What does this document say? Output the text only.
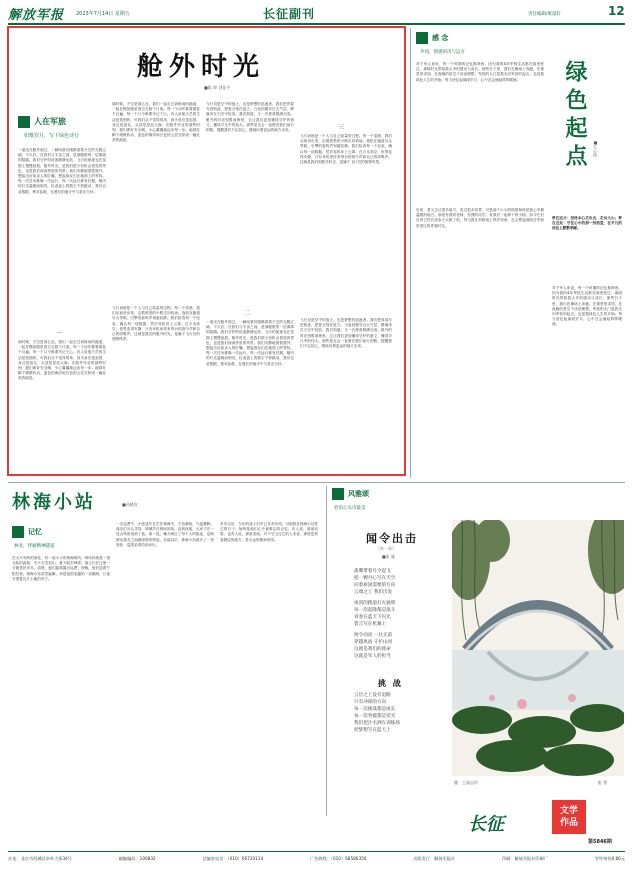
解放军报 2023年7月14日 星期五	长征副刊	责任编辑/耿道轩	12
舱外时光
■陈 坤 刘佳平
人在军旅
如歌岁月，写下绿色诗行
一道光在舱外面过，一瞬间我们眼睛看着天空的无限辽阔，不久后，在我们与宇宙之间，是那舱壁的一层薄薄的阻隔。我们守护的设备静静运转，飞行的航迹也在星图上慢慢延展。舱外时光，是我们很少有机会看见的景色，也是我们深深热爱的风景。我们安静地望着窗外，想起出征前亲人的叮嘱，想起战友们在地面上的等待。每一次任务都像一次远行，每一次远行都有归期。舱内的灯光温暖而明亮，仪表盘上的数字不停跳动，我们记录数据，核对参数，在漫长的值守中与星光为伴。
一
那时候，天空是那么近。我们一起走过训练场的跑道，一起在模拟舱里度过无数个日夜。每一个动作都要重复千百遍，每一个口令都要牢记于心。有人说航天员的生活是孤独的，可我们从不觉得孤单，因为身后是祖国，身边是战友，头顶是星辰大海。在舱外作业的那些时刻，我们系好安全绳，小心翼翼地迈出每一步。地球在脚下缓缓转动，蓝色的海洋和白色的云层交织成一幅壮美的画卷。
那时候，天空是那么近。我们一起走过训练场的跑道，一起在模拟舱里度过无数个日夜。每一个动作都要重复千百遍，每一个口令都要牢记于心。有人说航天员的生活是孤独的，可我们从不觉得孤单，因为身后是祖国，身边是战友，头顶是星辰大海。在舱外作业的那些时刻，我们系好安全绳，小心翼翼地迈出每一步。地球在脚下缓缓转动，蓝色的海洋和白色的云层交织成一幅壮美的画卷。
飞行训练是一个人与自己较量的过程。每一个清晨，我们从宿舍出发，沿着熟悉的小路走向机场。战机在跑道尽头等候，引擎的轰鸣声划破寂静。我们检查每一个仪表，确认每一项数据，然后驾机冲上云霄。在万米高空，世界变得安静，只有耳机里传来塔台的指令声和自己的呼吸声。这就是我们的舱外时光，是属于飞行员的独特风景。
飞行员是空中的战士，也是梦想的追逐者。我们把青春写进航迹，把誓言刻在蓝天。当返回舱穿过大气层，降落伞在天空中绽放，我们知道，又一次使命圆满完成。舱外的时光短暂而珍贵，它让我们更加懂得守护的意义，懂得平凡中的伟大。那些星光会一直照亮我们前行的路，提醒我们不忘初心，继续向着更远的地方出发。
二
一道光在舱外面过，一瞬间我们眼睛看着天空的无限辽阔，不久后，在我们与宇宙之间，是那舱壁的一层薄薄的阻隔。我们守护的设备静静运转，飞行的航迹也在星图上慢慢延展。舱外时光，是我们很少有机会看见的景色，也是我们深深热爱的风景。我们安静地望着窗外，想起出征前亲人的叮嘱，想起战友们在地面上的等待。每一次任务都像一次远行，每一次远行都有归期。舱内的灯光温暖而明亮，仪表盘上的数字不停跳动，我们记录数据，核对参数，在漫长的值守中与星光为伴。
三
飞行训练是一个人与自己较量的过程。每一个清晨，我们从宿舍出发，沿着熟悉的小路走向机场。战机在跑道尽头等候，引擎的轰鸣声划破寂静。我们检查每一个仪表，确认每一项数据，然后驾机冲上云霄。在万米高空，世界变得安静，只有耳机里传来塔台的指令声和自己的呼吸声。这就是我们的舱外时光，是属于飞行员的独特风景。
飞行员是空中的战士，也是梦想的追逐者。我们把青春写进航迹，把誓言刻在蓝天。当返回舱穿过大气层，降落伞在天空中绽放，我们知道，又一次使命圆满完成。舱外的时光短暂而珍贵，它让我们更加懂得守护的意义，懂得平凡中的伟大。那些星光会一直照亮我们前行的路，提醒我们不忘初心，继续向着更远的地方出发。
感 念
井冈，情感的诗与远方
对于军人来说，每一个时期的记忆都珍贵。因为我的4年军校生活都在那里度过，那段时光带给我太多的感动与成长。那些日子里，我们在操场上奔跑，在课堂里求知，在夜晚的星空下谈论理想。军校的大门是我走向军营的起点，也是我绿色人生的开始。每当回忆起那段岁月，心中总会涌起阵阵暖流。	绿色起点	■王心同
梦在远方：坚持本心走出去，走出大山；梦在近处：守住心中的那一份热爱，在平凡的岗位上默默奉献。
后来，我又去过很多地方，见过很多风景，可是那个小小的校园始终是我心中最温暖的地方。那里有我的老师，有我的同学，有我们一起种下的小树。如今它们应该已经长成参天大树了吧。每当我在训练场上挥汗如雨，总会想起那段在军校里度过的青春时光。
对于军人来说，每一个时期的记忆都珍贵。因为我的4年军校生活都在那里度过，那段时光带给我太多的感动与成长。那些日子里，我们在操场上奔跑，在课堂里求知，在夜晚的星空下谈论理想。军校的大门是我走向军营的起点，也是我绿色人生的开始。每当回忆起那段岁月，心中总会涌起阵阵暖流。
林海小站	■孙晓宣
记忆
林业，伴通精神隧道
在大兴安岭的深处，有一座小小的林海哨所。哨所四周是一望无际的森林，冬天大雪封山，夏天蚊虫肆虐。战士们在这里一守就是好多年。清晨，他们踏着露水巡逻；傍晚，他们迎着夕阳归营。林海小站虽然偏僻，却是祖国北疆的一双眼睛，日夜守望着这片土地的安宁。
一次巡逻中，小张迷失在茫茫林海中，天色渐暗，气温骤降。战友们分头寻找，呼喊声在林间回荡。直到深夜，大家才在一处山坳里找到了他。那一夜，篝火映红了每个人的脸庞，也映照出战友之间最深厚的情谊。从那以后，林海小站就多了一条规矩：巡逻必须结伴而行。
多年以后，当年的战士们早已各奔东西，可那段在林海小站度过的日子，始终是他们心中最难忘的记忆。有人说，那里寂寞；也有人说，那里美丽。对于守卫过它的人来说，那里是青春燃烧的地方，是永远的精神家园。
风雅颂
恰似心头诗最美
闻令出击
（外一首）
■张 娅
战鹰带着号令起飞
把一颗丹心写在天空
向着祖国需要的方向
云端之上 我们出发
夜训的跑道灯火通明
每一次起降都是战斗
青春在蓝天下闪光
誓言写在机翼上
闻令而动 一往无前
穿越风雨 守护山河
这就是我们的使命
这就是军人的担当
挑 战
云层之上没有退路
只有冲锋的方向
每一次挑战都是成长
每一次突破都是荣光
我们把汗水洒在训练场
把梦想写在蓝天上
题：王福志作	虹 桥
文学
作品
长征
第5846期
社址：北京市西城区阜外大街34号	邮编编码：100832	总编室电话：（010）66720114	广告热线：（010）68586350	出版发行：解放军报社	印刷：解放军报社印刷厂	零售每份0.80元
